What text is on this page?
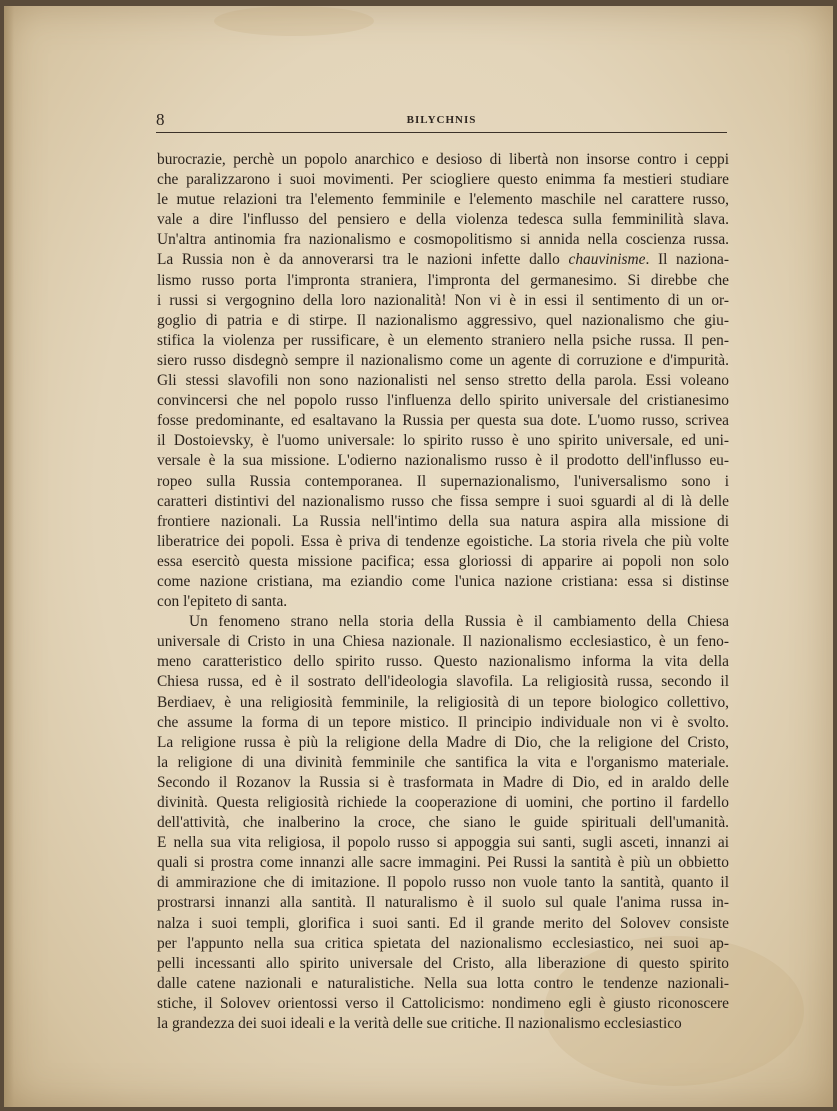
8	BILYCHNIS
burocrazie, perchè un popolo anarchico e desioso di libertà non insorse contro i ceppi
che paralizzarono i suoi movimenti. Per sciogliere questo enimma fa mestieri studiare
le mutue relazioni tra l'elemento femminile e l'elemento maschile nel carattere russo,
vale a dire l'influsso del pensiero e della violenza tedesca sulla femminilità slava.
Un'altra antinomia fra nazionalismo e cosmopolitismo si annida nella coscienza russa.
La Russia non è da annoverarsi tra le nazioni infette dallo chauvinisme. Il naziona-
lismo russo porta l'impronta straniera, l'impronta del germanesimo. Si direbbe che
i russi si vergognino della loro nazionalità! Non vi è in essi il sentimento di un or-
goglio di patria e di stirpe. Il nazionalismo aggressivo, quel nazionalismo che giu-
stifica la violenza per russificare, è un elemento straniero nella psiche russa. Il pen-
siero russo disdegnò sempre il nazionalismo come un agente di corruzione e d'impurità.
Gli stessi slavofili non sono nazionalisti nel senso stretto della parola. Essi voleano
convincersi che nel popolo russo l'influenza dello spirito universale del cristianesimo
fosse predominante, ed esaltavano la Russia per questa sua dote. L'uomo russo, scrivea
il Dostoievsky, è l'uomo universale: lo spirito russo è uno spirito universale, ed uni-
versale è la sua missione. L'odierno nazionalismo russo è il prodotto dell'influsso eu-
ropeo sulla Russia contemporanea. Il supernazionalismo, l'universalismo sono i
caratteri distintivi del nazionalismo russo che fissa sempre i suoi sguardi al di là delle
frontiere nazionali. La Russia nell'intimo della sua natura aspira alla missione di
liberatrice dei popoli. Essa è priva di tendenze egoistiche. La storia rivela che più volte
essa esercitò questa missione pacifica; essa gloriossi di apparire ai popoli non solo
come nazione cristiana, ma eziandio come l'unica nazione cristiana: essa si distinse
con l'epiteto di santa.
Un fenomeno strano nella storia della Russia è il cambiamento della Chiesa
universale di Cristo in una Chiesa nazionale. Il nazionalismo ecclesiastico, è un feno-
meno caratteristico dello spirito russo. Questo nazionalismo informa la vita della
Chiesa russa, ed è il sostrato dell'ideologia slavofila. La religiosità russa, secondo il
Berdiaev, è una religiosità femminile, la religiosità di un tepore biologico collettivo,
che assume la forma di un tepore mistico. Il principio individuale non vi è svolto.
La religione russa è più la religione della Madre di Dio, che la religione del Cristo,
la religione di una divinità femminile che santifica la vita e l'organismo materiale.
Secondo il Rozanov la Russia si è trasformata in Madre di Dio, ed in araldo delle
divinità. Questa religiosità richiede la cooperazione di uomini, che portino il fardello
dell'attività, che inalberino la croce, che siano le guide spirituali dell'umanità.
E nella sua vita religiosa, il popolo russo si appoggia sui santi, sugli asceti, innanzi ai
quali si prostra come innanzi alle sacre immagini. Pei Russi la santità è più un obbietto
di ammirazione che di imitazione. Il popolo russo non vuole tanto la santità, quanto il
prostrarsi innanzi alla santità. Il naturalismo è il suolo sul quale l'anima russa in-
nalza i suoi templi, glorifica i suoi santi. Ed il grande merito del Solovev consiste
per l'appunto nella sua critica spietata del nazionalismo ecclesiastico, nei suoi ap-
pelli incessanti allo spirito universale del Cristo, alla liberazione di questo spirito
dalle catene nazionali e naturalistiche. Nella sua lotta contro le tendenze nazionali-
stiche, il Solovev orientossi verso il Cattolicismo: nondimeno egli è giusto riconoscere
la grandezza dei suoi ideali e la verità delle sue critiche. Il nazionalismo ecclesiastico
